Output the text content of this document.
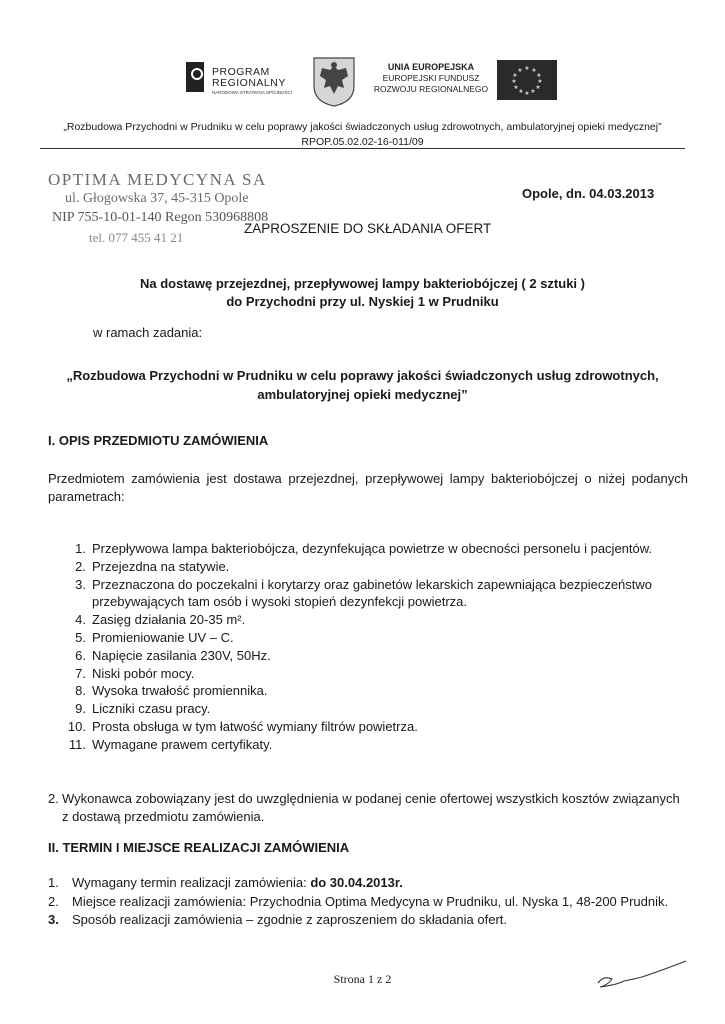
PROGRAM
REGIONALNY
NARODOWA STRATEGIA SPÓJNOŚCI
UNIA EUROPEJSKA
EUROPEJSKI FUNDUSZ
ROZWOJU REGIONALNEGO
★ ★
★
★
★
★
★
★
★
★
★
★
„Rozbudowa Przychodni w Prudniku w celu poprawy jakości świadczonych usług zdrowotnych, ambulatoryjnej opieki medycznej”
RPOP.05.02.02-16-011/09
OPTIMA MEDYCYNA SA
ul. Głogowska 37, 45-315 Opole
NIP 755-10-01-140 Regon 530968808
tel. 077 455 41 21
Opole, dn. 04.03.2013
ZAPROSZENIE DO SKŁADANIA OFERT
Na dostawę przejezdnej, przepływowej lampy bakteriobójczej ( 2 sztuki )
do Przychodni przy ul. Nyskiej 1 w Prudniku
w ramach zadania:
„Rozbudowa Przychodni w Prudniku w celu poprawy jakości świadczonych usług zdrowotnych,
ambulatoryjnej opieki medycznej”
I. OPIS PRZEDMIOTU ZAMÓWIENIA
Przedmiotem zamówienia jest dostawa przejezdnej, przepływowej lampy bakteriobójczej o niżej podanych parametrach:
1. Przepływowa lampa bakteriobójcza, dezynfekująca powietrze w obecności personelu i pacjentów.
2. Przejezdna na statywie.
3. Przeznaczona do poczekalni i korytarzy oraz gabinetów lekarskich zapewniająca bezpieczeństwo przebywających tam osób i wysoki stopień dezynfekcji powietrza.
4. Zasięg działania 20-35 m².
5. Promieniowanie UV – C.
6. Napięcie zasilania 230V, 50Hz.
7. Niski pobór mocy.
8. Wysoka trwałość promiennika.
9. Liczniki czasu pracy.
10. Prosta obsługa w tym łatwość wymiany filtrów powietrza.
11. Wymagane prawem certyfikaty.
2. Wykonawca zobowiązany jest do uwzględnienia w podanej cenie ofertowej wszystkich kosztów związanych z dostawą przedmiotu zamówienia.
II. TERMIN I MIEJSCE REALIZACJI ZAMÓWIENIA
1. Wymagany termin realizacji zamówienia: do 30.04.2013r.
2. Miejsce realizacji zamówienia: Przychodnia Optima Medycyna w Prudniku, ul. Nyska 1, 48-200 Prudnik.
3. Sposób realizacji zamówienia – zgodnie z zaproszeniem do składania ofert.
Strona 1 z 2
